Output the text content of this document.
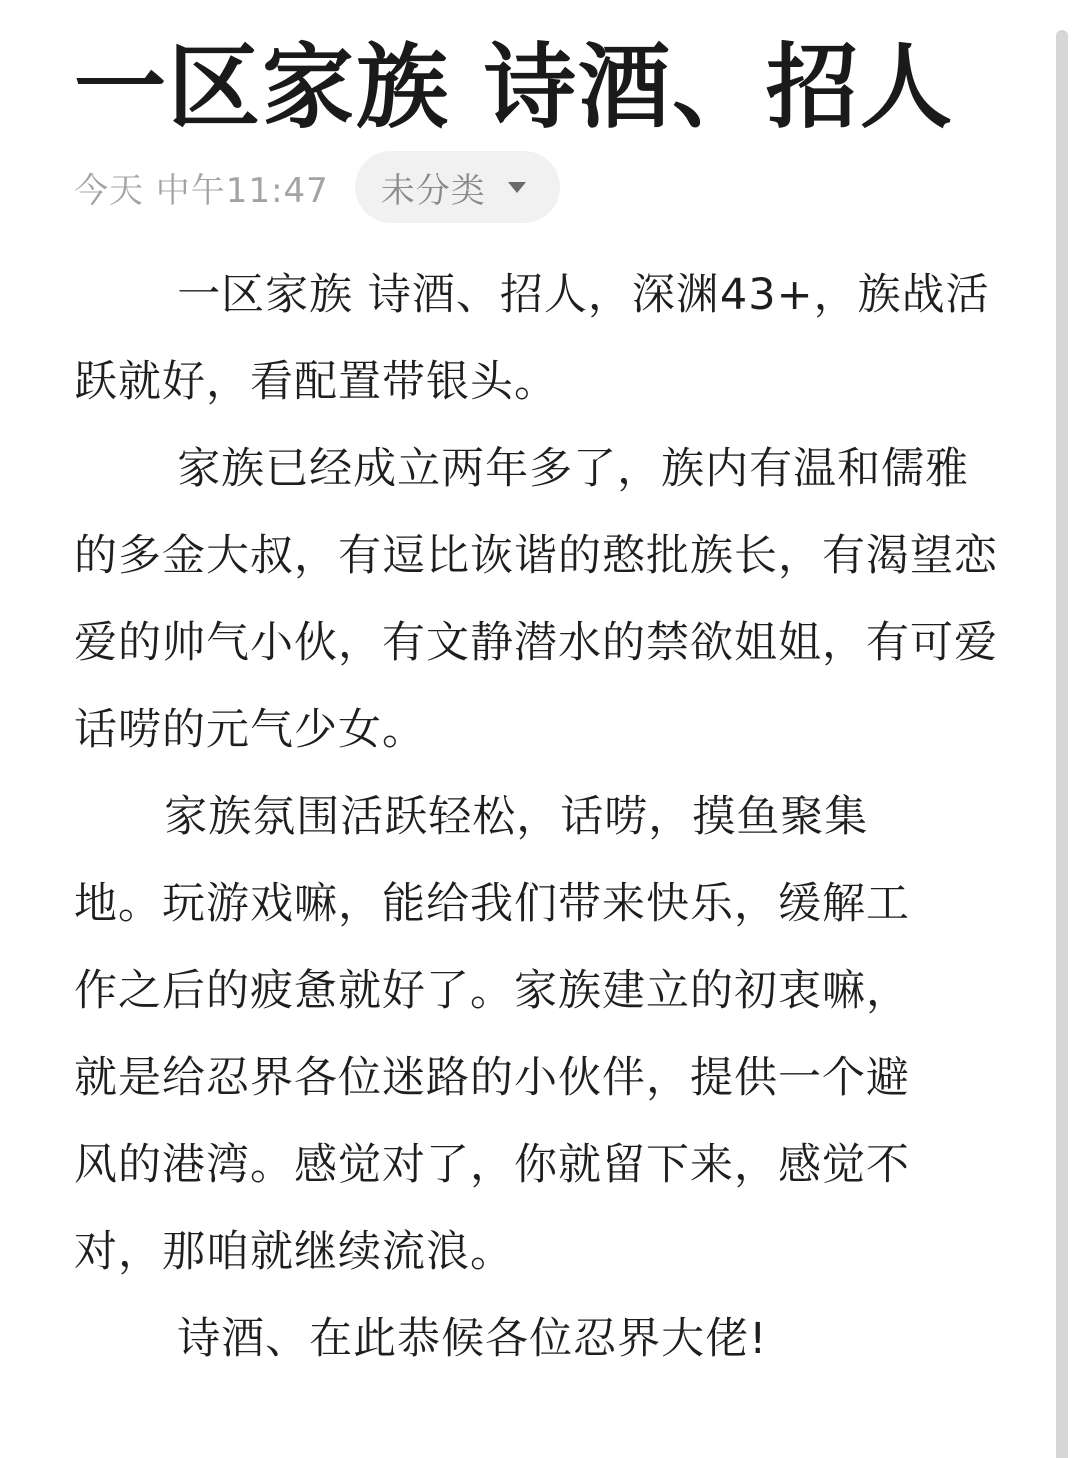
一区家族 诗酒、招人
今天 中午11:47 未分类

一区家族 诗酒、招人，深渊43+，族战活跃就好，看配置带银头。

家族已经成立两年多了，族内有温和儒雅的多金大叔，有逗比诙谐的憨批族长，有渴望恋爱的帅气小伙，有文静潜水的禁欲姐姐，有可爱话唠的元气少女。

家族氛围活跃轻松，话唠，摸鱼聚集地。玩游戏嘛，能给我们带来快乐，缓解工作之后的疲惫就好了。家族建立的初衷嘛，就是给忍界各位迷路的小伙伴，提供一个避风的港湾。感觉对了，你就留下来，感觉不对，那咱就继续流浪。

诗酒、在此恭候各位忍界大佬!
